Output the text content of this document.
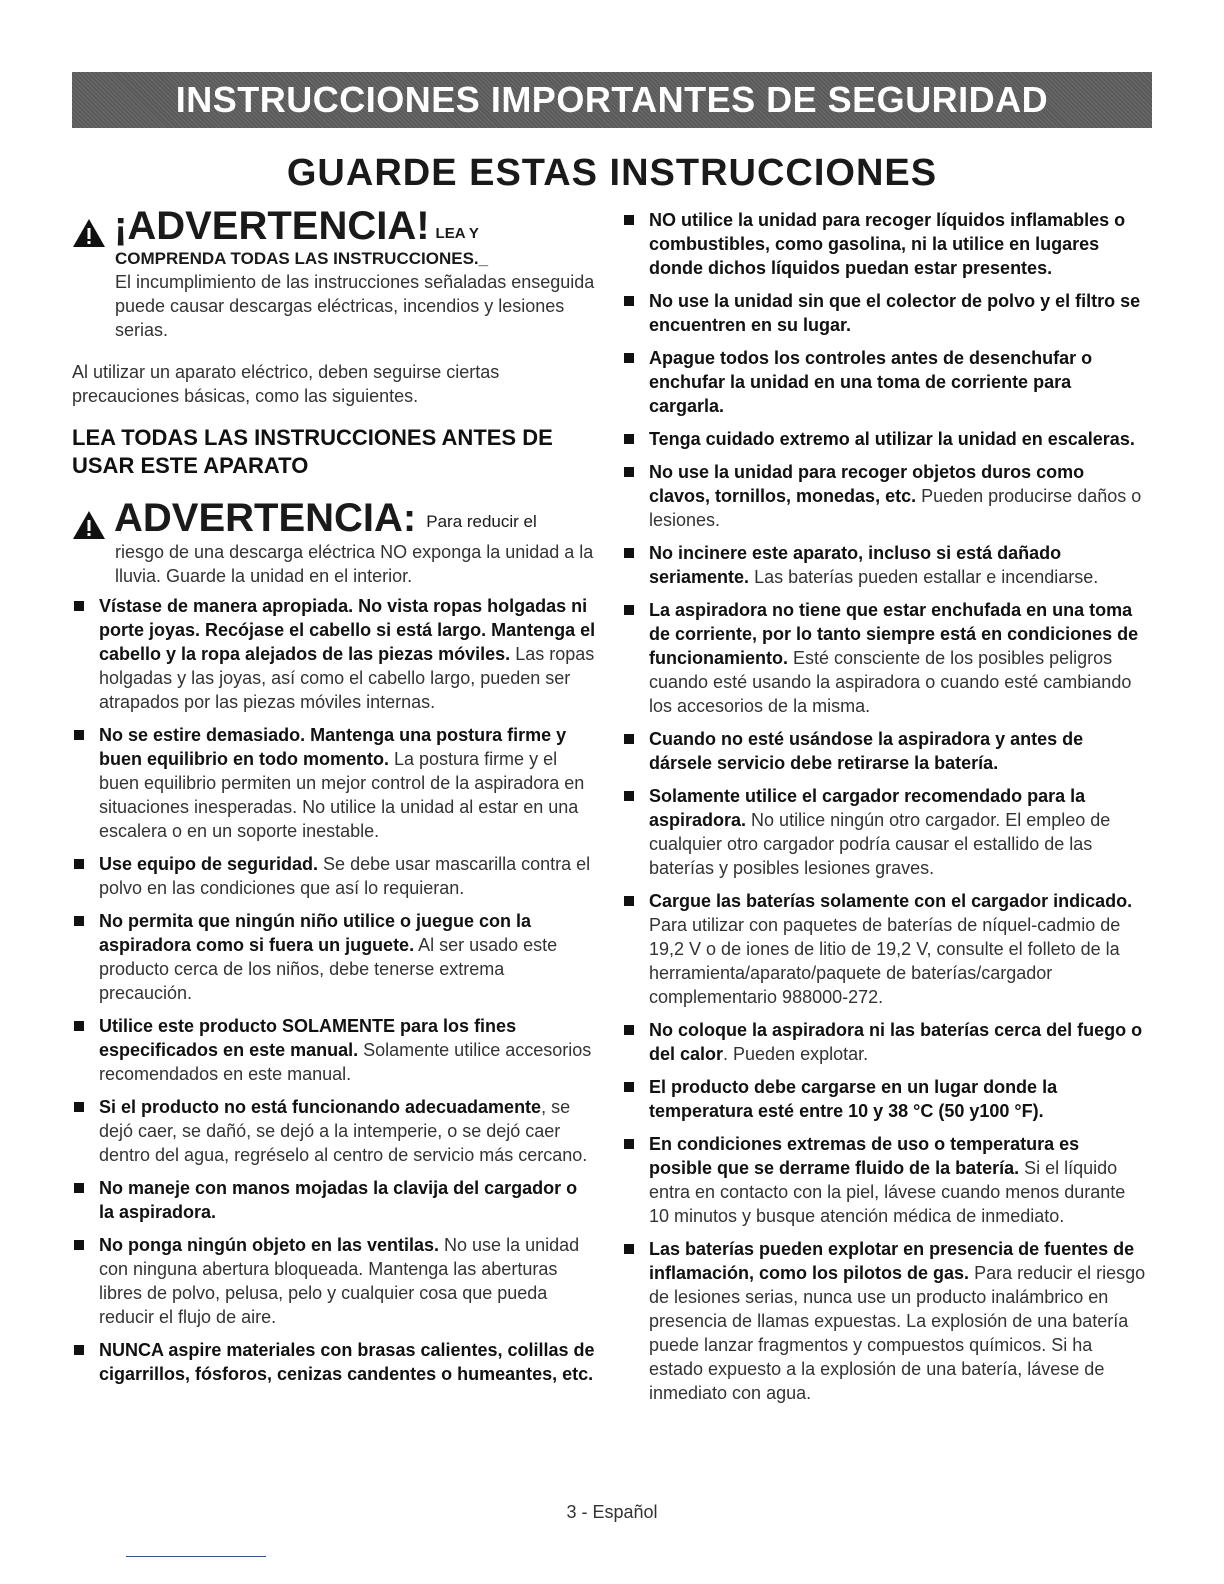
INSTRUCCIONES IMPORTANTES DE SEGURIDAD
GUARDE ESTAS INSTRUCCIONES
¡ADVERTENCIA! LEA Y
COMPRENDA TODAS LAS INSTRUCCIONES._
El incumplimiento de las instrucciones señaladas enseguida puede causar descargas eléctricas, incendios y lesiones serias.
Al utilizar un aparato eléctrico, deben seguirse ciertas precauciones básicas, como las siguientes.
LEA TODAS LAS INSTRUCCIONES ANTES DE USAR ESTE APARATO
ADVERTENCIA: Para reducir el
riesgo de una descarga eléctrica NO exponga la unidad a la lluvia. Guarde la unidad en el interior.
Vístase de manera apropiada. No vista ropas holgadas ni porte joyas. Recójase el cabello si está largo. Mantenga el cabello y la ropa alejados de las piezas móviles. Las ropas holgadas y las joyas, así como el cabello largo, pueden ser atrapados por las piezas móviles internas.
No se estire demasiado. Mantenga una postura firme y buen equilibrio en todo momento. La postura firme y el buen equilibrio permiten un mejor control de la aspiradora en situaciones inesperadas. No utilice la unidad al estar en una escalera o en un soporte inestable.
Use equipo de seguridad. Se debe usar mascarilla contra el polvo en las condiciones que así lo requieran.
No permita que ningún niño utilice o juegue con la aspiradora como si fuera un juguete. Al ser usado este producto cerca de los niños, debe tenerse extrema precaución.
Utilice este producto SOLAMENTE para los fines especificados en este manual. Solamente utilice accesorios recomendados en este manual.
Si el producto no está funcionando adecuadamente, se dejó caer, se dañó, se dejó a la intemperie, o se dejó caer dentro del agua, regréselo al centro de servicio más cercano.
No maneje con manos mojadas la clavija del cargador o la aspiradora.
No ponga ningún objeto en las ventilas. No use la unidad con ninguna abertura bloqueada. Mantenga las aberturas libres de polvo, pelusa, pelo y cualquier cosa que pueda reducir el flujo de aire.
NUNCA aspire materiales con brasas calientes, colillas de cigarrillos, fósforos, cenizas candentes o humeantes, etc.
NO utilice la unidad para recoger líquidos inflamables o combustibles, como gasolina, ni la utilice en lugares donde dichos líquidos puedan estar presentes.
No use la unidad sin que el colector de polvo y el filtro se encuentren en su lugar.
Apague todos los controles antes de desenchufar o enchufar la unidad en una toma de corriente para cargarla.
Tenga cuidado extremo al utilizar la unidad en escaleras.
No use la unidad para recoger objetos duros como clavos, tornillos, monedas, etc. Pueden producirse daños o lesiones.
No incinere este aparato, incluso si está dañado seriamente. Las baterías pueden estallar e incendiarse.
La aspiradora no tiene que estar enchufada en una toma de corriente, por lo tanto siempre está en condiciones de funcionamiento. Esté consciente de los posibles peligros cuando esté usando la aspiradora o cuando esté cambiando los accesorios de la misma.
Cuando no esté usándose la aspiradora y antes de dársele servicio debe retirarse la batería.
Solamente utilice el cargador recomendado para la aspiradora. No utilice ningún otro cargador. El empleo de cualquier otro cargador podría causar el estallido de las baterías y posibles lesiones graves.
Cargue las baterías solamente con el cargador indicado. Para utilizar con paquetes de baterías de níquel-cadmio de 19,2 V o de iones de litio de 19,2 V, consulte el folleto de la herramienta/aparato/paquete de baterías/cargador complementario 988000-272.
No coloque la aspiradora ni las baterías cerca del fuego o del calor. Pueden explotar.
El producto debe cargarse en un lugar donde la temperatura esté entre 10 y 38 °C (50 y100 °F).
En condiciones extremas de uso o temperatura es posible que se derrame fluido de la batería. Si el líquido entra en contacto con la piel, lávese cuando menos durante 10 minutos y busque atención médica de inmediato.
Las baterías pueden explotar en presencia de fuentes de inflamación, como los pilotos de gas. Para reducir el riesgo de lesiones serias, nunca use un producto inalámbrico en presencia de llamas expuestas. La explosión de una batería puede lanzar fragmentos y compuestos químicos. Si ha estado expuesto a la explosión de una batería, lávese de inmediato con agua.
3 - Español
